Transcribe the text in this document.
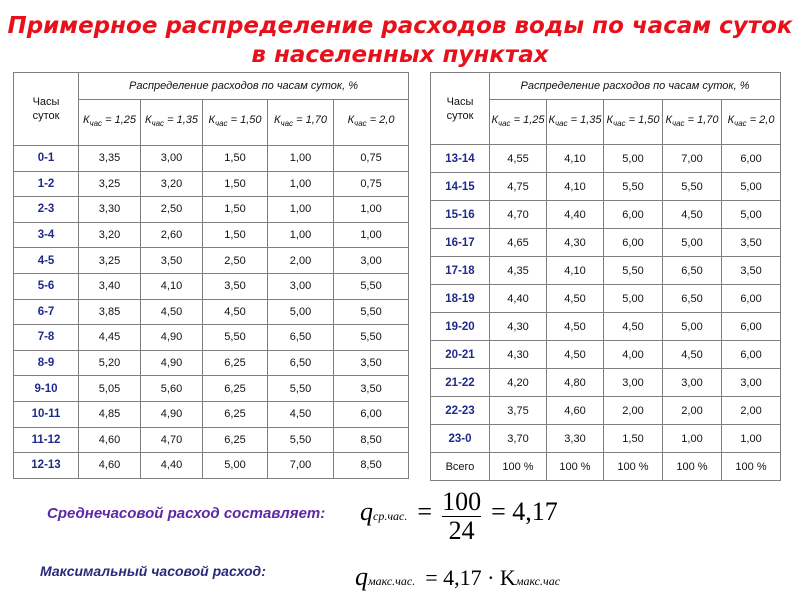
Примерное распределение расходов воды по часам суток в населенных пунктах
Часы суток	Распределение расходов по часам суток, %				
	$К_{час} = 1,25$	$К_{час} = 1,35$	$К_{час} = 1,50$	$К_{час} = 1,70$	$К_{час} = 2,0$
0-1	3,35	3,00	1,50	1,00	0,75
1-2	3,25	3,20	1,50	1,00	0,75
2-3	3,30	2,50	1,50	1,00	1,00
3-4	3,20	2,60	1,50	1,00	1,00
4-5	3,25	3,50	2,50	2,00	3,00
5-6	3,40	4,10	3,50	3,00	5,50
6-7	3,85	4,50	4,50	5,00	5,50
7-8	4,45	4,90	5,50	6,50	5,50
8-9	5,20	4,90	6,25	6,50	3,50
9-10	5,05	5,60	6,25	5,50	3,50
10-11	4,85	4,90	6,25	4,50	6,00
11-12	4,60	4,70	6,25	5,50	8,50
12-13	4,60	4,40	5,00	7,00	8,50
Часы суток	Распределение расходов по часам суток, %				
	$К_{час} = 1,25$	$К_{час} = 1,35$	$К_{час} = 1,50$	$К_{час} = 1,70$	$К_{час} = 2,0$
13-14	4,55	4,10	5,00	7,00	6,00
14-15	4,75	4,10	5,50	5,50	5,00
15-16	4,70	4,40	6,00	4,50	5,00
16-17	4,65	4,30	6,00	5,00	3,50
17-18	4,35	4,10	5,50	6,50	3,50
18-19	4,40	4,50	5,00	6,50	6,00
19-20	4,30	4,50	4,50	5,00	6,00
20-21	4,30	4,50	4,00	4,50	6,00
21-22	4,20	4,80	3,00	3,00	3,00
22-23	3,75	4,60	2,00	2,00	2,00
23-0	3,70	3,30	1,50	1,00	1,00
Всего	100 %	100 %	100 %	100 %	100 %
Среднечасовой расход составляет: qср.час. = $\frac{100}{24} = 4,17$
Максимальный часовой расход:	qмакс.час. = 4,17 · Kмакс.час
